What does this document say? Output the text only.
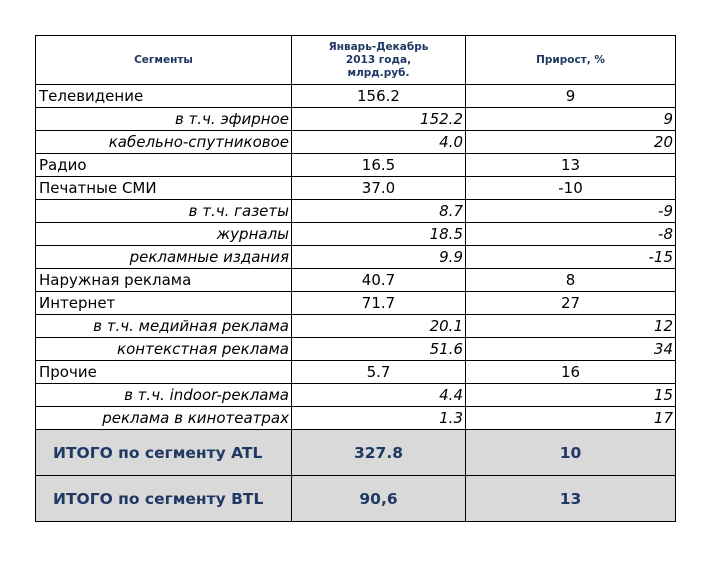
Сегменты	Январь-Декабрь 2013 года, млрд.руб.	Прирост, %
Телевидение	156.2	9
в т.ч. эфирное	152.2	9
кабельно-спутниковое	4.0	20
Радио	16.5	13
Печатные СМИ	37.0	-10
в т.ч. газеты	8.7	-9
журналы	18.5	-8
рекламные издания	9.9	-15
Наружная реклама	40.7	8
Интернет	71.7	27
в т.ч. медийная реклама	20.1	12
контекстная реклама	51.6	34
Прочие	5.7	16
в т.ч. indoor-реклама	4.4	15
реклама в кинотеатрах	1.3	17
ИТОГО по сегменту ATL	327.8	10
ИТОГО по сегменту BTL	90,6	13
